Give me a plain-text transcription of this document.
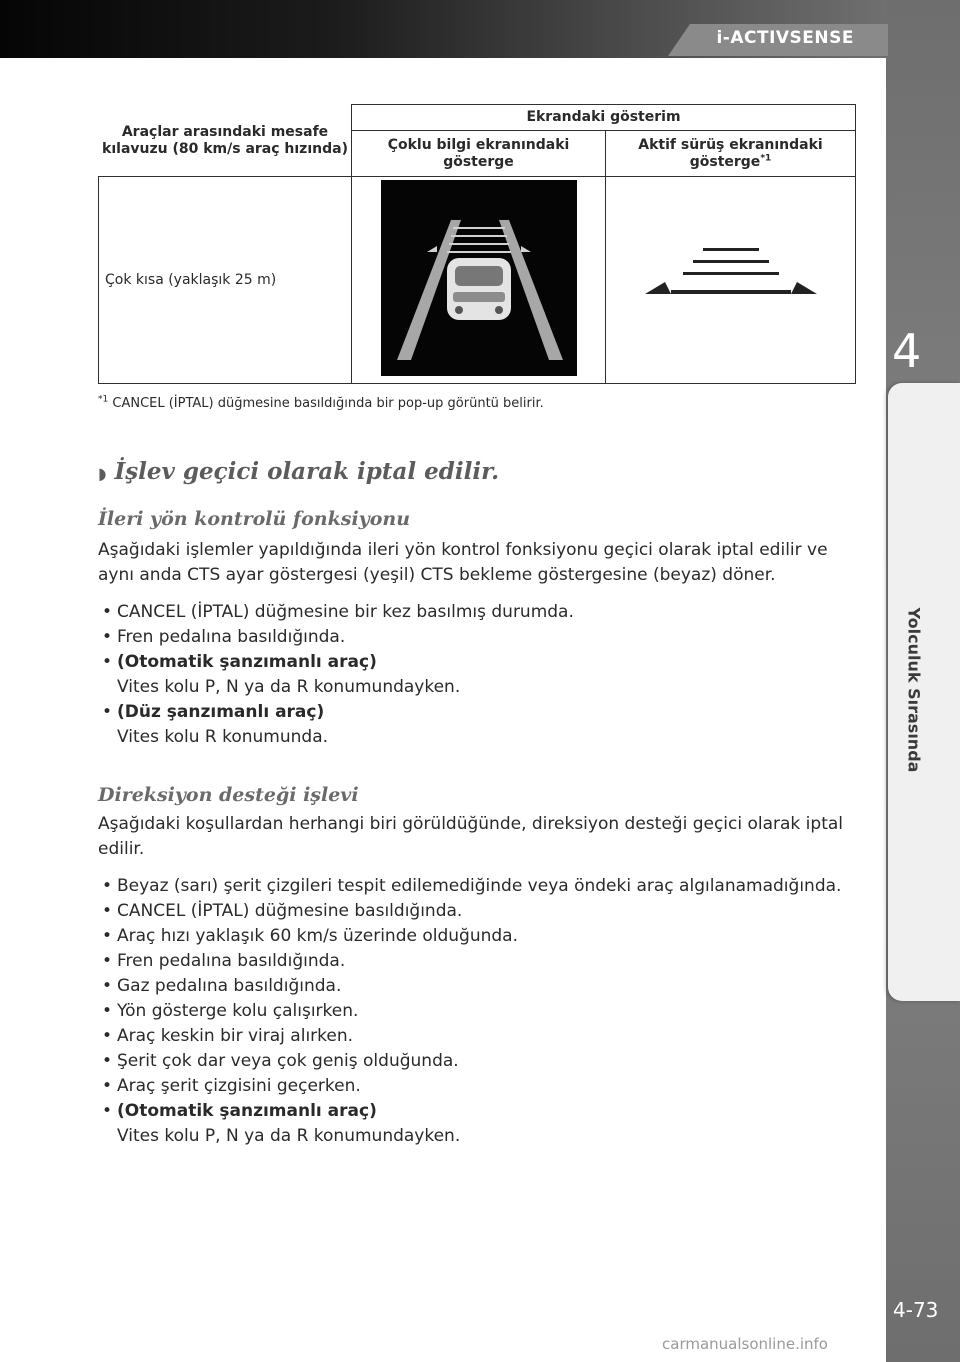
i-ACTIVSENSE
4
Yolculuk Sırasında
Araçlar arasındaki mesafe kılavuzu (80 km/s araç hızında)	Ekrandaki gösterim	
	Çoklu bilgi ekranındaki gösterge	Aktif sürüş ekranındaki gösterge$^{*1}$
Çok kısa (yaklaşık 25 m)		
$^{*1}$ CANCEL (İPTAL) düğmesine basıldığında bir pop-up görüntü belirir.
◗ İşlev geçici olarak iptal edilir.
İleri yön kontrolü fonksiyonu
Aşağıdaki işlemler yapıldığında ileri yön kontrol fonksiyonu geçici olarak iptal edilir ve aynı anda CTS ayar göstergesi (yeşil) CTS bekleme göstergesine (beyaz) döner.
• CANCEL (İPTAL) düğmesine bir kez basılmış durumda.
• Fren pedalına basıldığında.
• (Otomatik şanzımanlı araç)
Vites kolu P, N ya da R konumundayken.
• (Düz şanzımanlı araç)
Vites kolu R konumunda.
Direksiyon desteği işlevi
Aşağıdaki koşullardan herhangi biri görüldüğünde, direksiyon desteği geçici olarak iptal edilir.
• Beyaz (sarı) şerit çizgileri tespit edilemediğinde veya öndeki araç algılanamadığında.
• CANCEL (İPTAL) düğmesine basıldığında.
• Araç hızı yaklaşık 60 km/s üzerinde olduğunda.
• Fren pedalına basıldığında.
• Gaz pedalına basıldığında.
• Yön gösterge kolu çalışırken.
• Araç keskin bir viraj alırken.
• Şerit çok dar veya çok geniş olduğunda.
• Araç şerit çizgisini geçerken.
• (Otomatik şanzımanlı araç)
Vites kolu P, N ya da R konumundayken.
4-73
carmanualsonline.info
